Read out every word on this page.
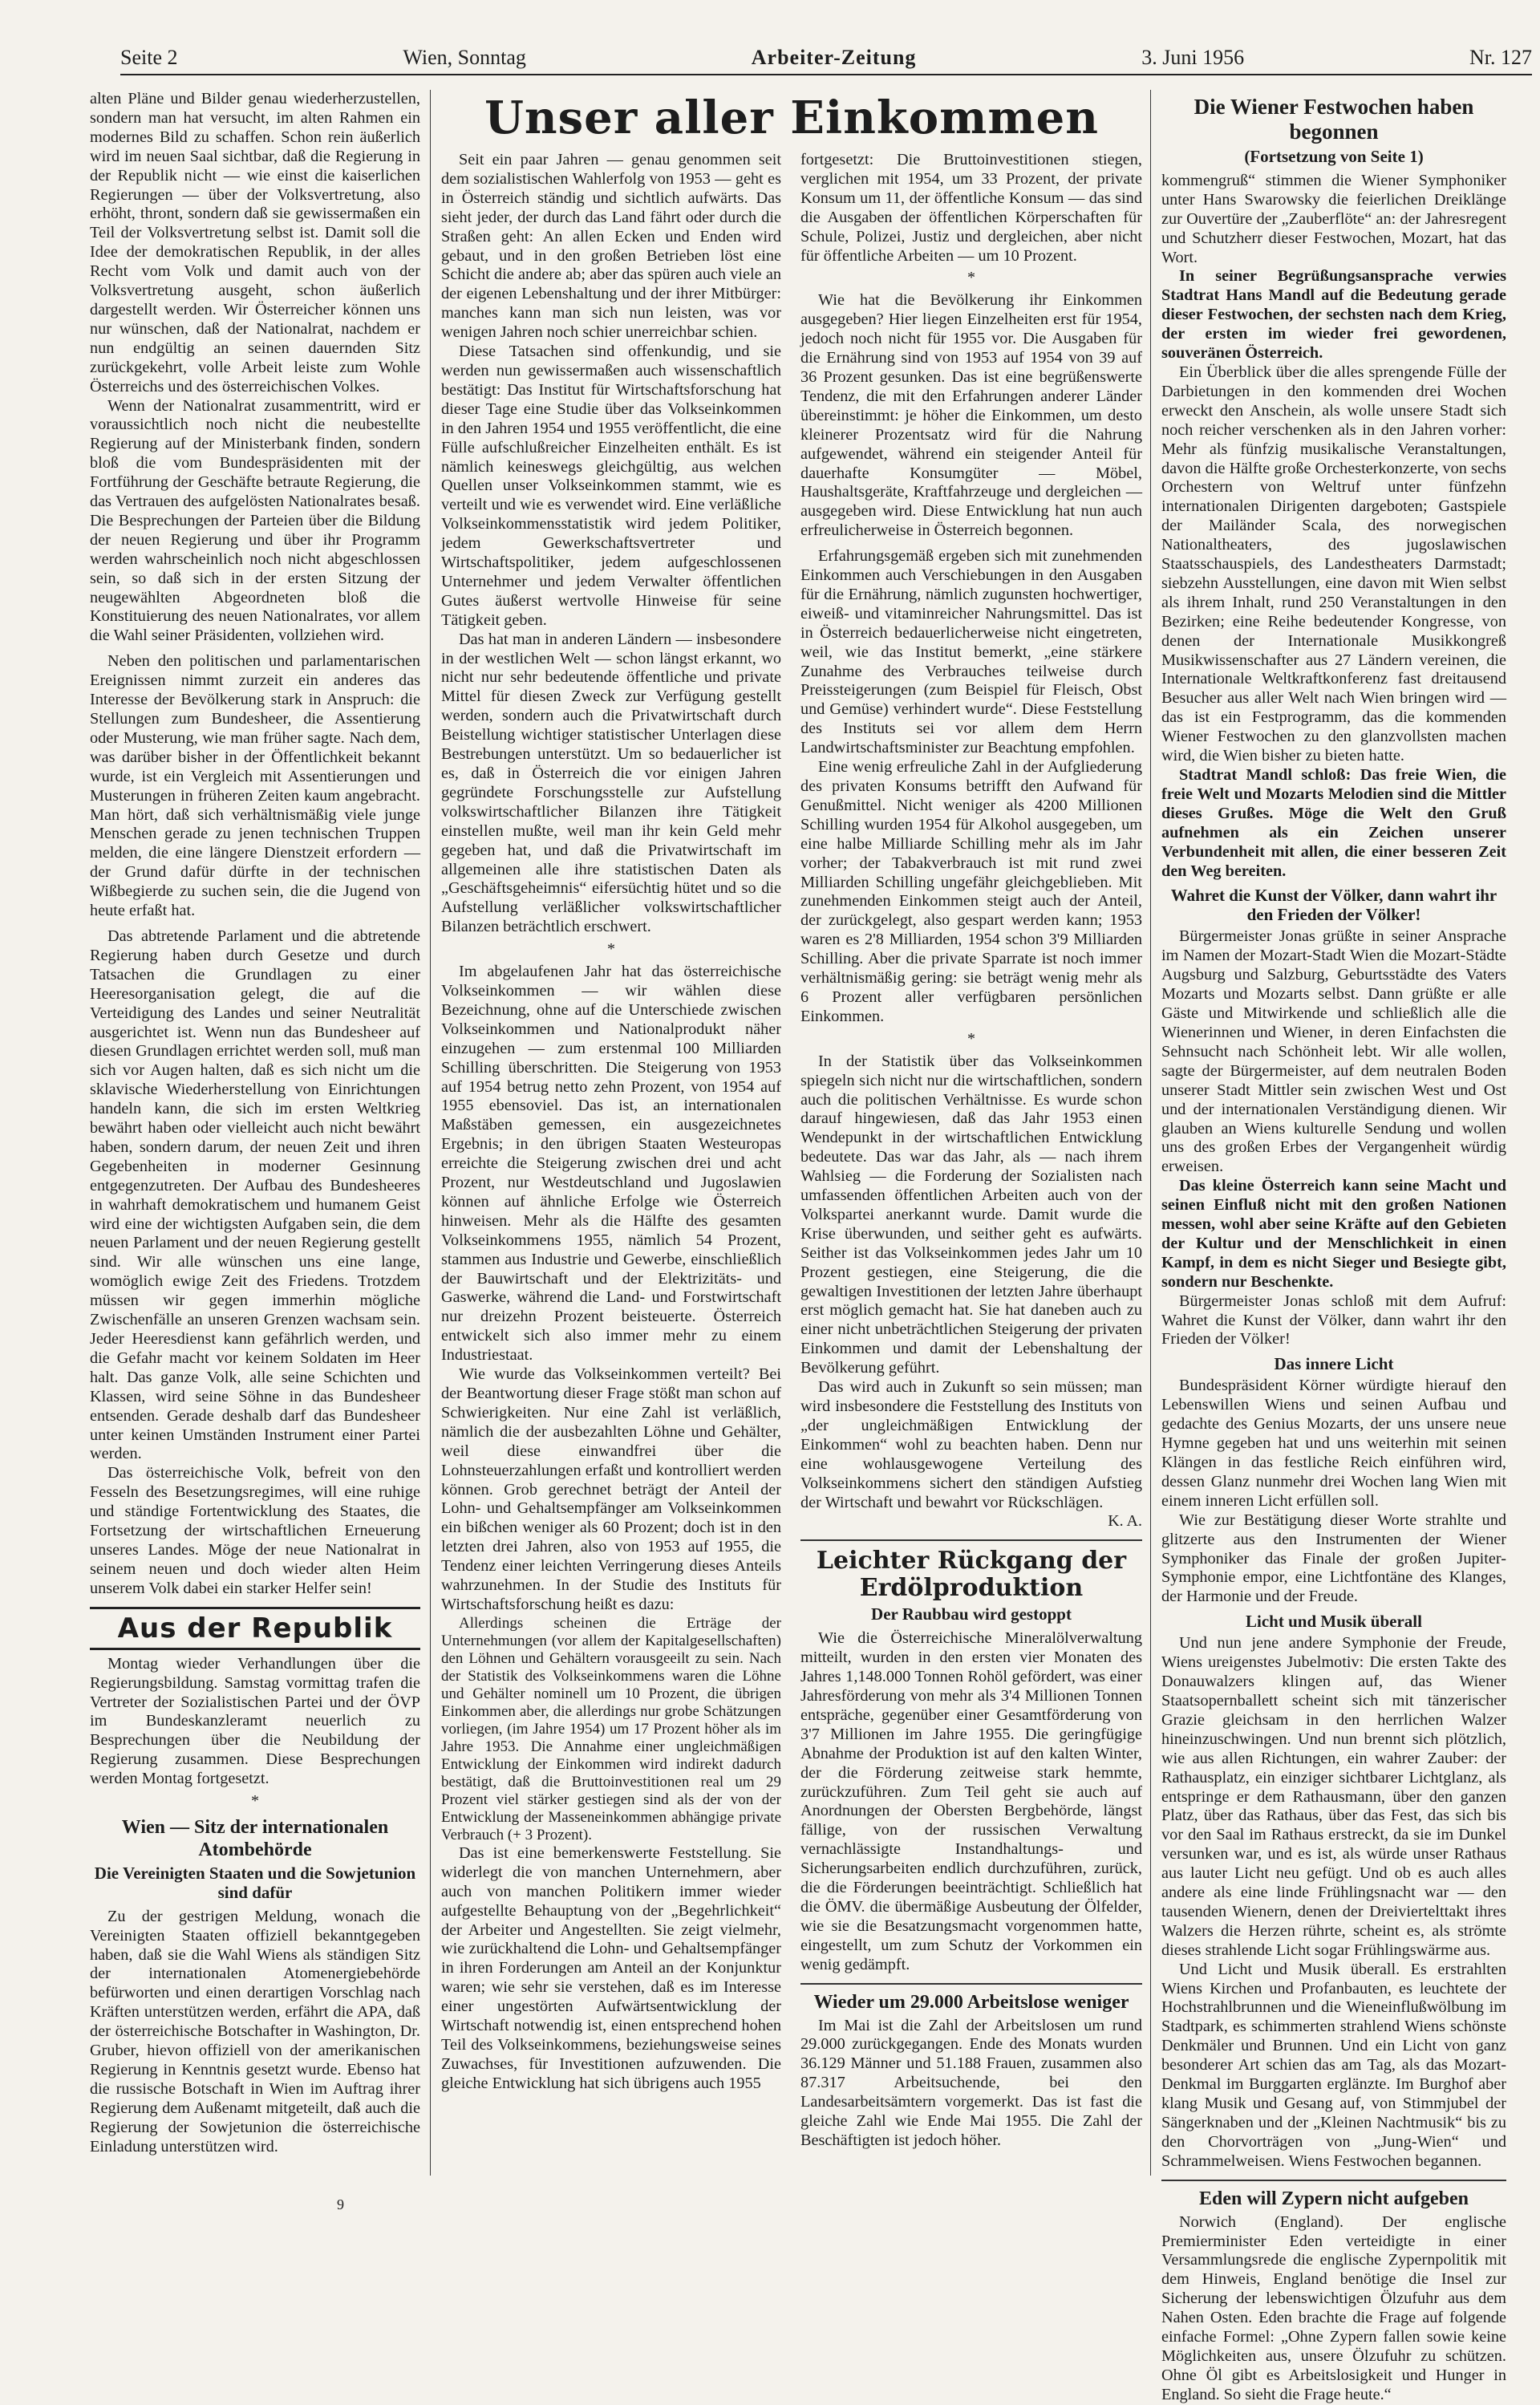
Seite 2	Wien, Sonntag	Arbeiter-Zeitung	3. Juni 1956	Nr. 127

alten Pläne und Bilder genau wiederherzustellen, sondern man hat versucht, im alten Rahmen ein modernes Bild zu schaffen. Schon rein äußerlich wird im neuen Saal sichtbar, daß die Regierung in der Republik nicht — wie einst die kaiserlichen Regierungen — über der Volksvertretung, also erhöht, thront, sondern daß sie gewissermaßen ein Teil der Volksvertretung selbst ist. Damit soll die Idee der demokratischen Republik, in der alles Recht vom Volk und damit auch von der Volksvertretung ausgeht, schon äußerlich dargestellt werden. Wir Österreicher können uns nur wünschen, daß der Nationalrat, nachdem er nun endgültig an seinen dauernden Sitz zurückgekehrt, volle Arbeit leiste zum Wohle Österreichs und des österreichischen Volkes.

Wenn der Nationalrat zusammentritt, wird er voraussichtlich noch nicht die neubestellte Regierung auf der Ministerbank finden, sondern bloß die vom Bundespräsidenten mit der Fortführung der Geschäfte betraute Regierung, die das Vertrauen des aufgelösten Nationalrates besaß. Die Besprechungen der Parteien über die Bildung der neuen Regierung und über ihr Programm werden wahrscheinlich noch nicht abgeschlossen sein, so daß sich in der ersten Sitzung der neugewählten Abgeordneten bloß die Konstituierung des neuen Nationalrates, vor allem die Wahl seiner Präsidenten, vollziehen wird.

Neben den politischen und parlamentarischen Ereignissen nimmt zurzeit ein anderes das Interesse der Bevölkerung stark in Anspruch: die Stellungen zum Bundesheer, die Assentierung oder Musterung, wie man früher sagte. Nach dem, was darüber bisher in der Öffentlichkeit bekannt wurde, ist ein Vergleich mit Assentierungen und Musterungen in früheren Zeiten kaum angebracht. Man hört, daß sich verhältnismäßig viele junge Menschen gerade zu jenen technischen Truppen melden, die eine längere Dienstzeit erfordern — der Grund dafür dürfte in der technischen Wißbegierde zu suchen sein, die die Jugend von heute erfaßt hat.

Das abtretende Parlament und die abtretende Regierung haben durch Gesetze und durch Tatsachen die Grundlagen zu einer Heeresorganisation gelegt, die auf die Verteidigung des Landes und seiner Neutralität ausgerichtet ist. Wenn nun das Bundesheer auf diesen Grundlagen errichtet werden soll, muß man sich vor Augen halten, daß es sich nicht um die sklavische Wiederherstellung von Einrichtungen handeln kann, die sich im ersten Weltkrieg bewährt haben oder vielleicht auch nicht bewährt haben, sondern darum, der neuen Zeit und ihren Gegebenheiten in moderner Gesinnung entgegenzutreten. Der Aufbau des Bundesheeres in wahrhaft demokratischem und humanem Geist wird eine der wichtigsten Aufgaben sein, die dem neuen Parlament und der neuen Regierung gestellt sind. Wir alle wünschen uns eine lange, womöglich ewige Zeit des Friedens. Trotzdem müssen wir gegen immerhin mögliche Zwischenfälle an unseren Grenzen wachsam sein. Jeder Heeresdienst kann gefährlich werden, und die Gefahr macht vor keinem Soldaten im Heer halt. Das ganze Volk, alle seine Schichten und Klassen, wird seine Söhne in das Bundesheer entsenden. Gerade deshalb darf das Bundesheer unter keinen Umständen Instrument einer Partei werden.

Das österreichische Volk, befreit von den Fesseln des Besetzungsregimes, will eine ruhige und ständige Fortentwicklung des Staates, die Fortsetzung der wirtschaftlichen Erneuerung unseres Landes. Möge der neue Nationalrat in seinem neuen und doch wieder alten Heim unserem Volk dabei ein starker Helfer sein!

Aus der Republik

Montag wieder Verhandlungen über die Regierungsbildung. Samstag vormittag trafen die Vertreter der Sozialistischen Partei und der ÖVP im Bundeskanzleramt neuerlich zu Besprechungen über die Neubildung der Regierung zusammen. Diese Besprechungen werden Montag fortgesetzt.

*
Wien — Sitz der internationalen Atombehörde
Die Vereinigten Staaten und die Sowjetunion sind dafür

Zu der gestrigen Meldung, wonach die Vereinigten Staaten offiziell bekanntgegeben haben, daß sie die Wahl Wiens als ständigen Sitz der internationalen Atomenergiebehörde befürworten und einen derartigen Vorschlag nach Kräften unterstützen werden, erfährt die APA, daß der österreichische Botschafter in Washington, Dr. Gruber, hievon offiziell von der amerikanischen Regierung in Kenntnis gesetzt wurde. Ebenso hat die russische Botschaft in Wien im Auftrag ihrer Regierung dem Außenamt mitgeteilt, daß auch die Regierung der Sowjetunion die österreichische Einladung unterstützen wird.

Unser aller Einkommen

Seit ein paar Jahren — genau genommen seit dem sozialistischen Wahlerfolg von 1953 — geht es in Österreich ständig und sichtlich aufwärts. Das sieht jeder, der durch das Land fährt oder durch die Straßen geht: An allen Ecken und Enden wird gebaut, und in den großen Betrieben löst eine Schicht die andere ab; aber das spüren auch viele an der eigenen Lebenshaltung und der ihrer Mitbürger: manches kann man sich nun leisten, was vor wenigen Jahren noch schier unerreichbar schien.

Diese Tatsachen sind offenkundig, und sie werden nun gewissermaßen auch wissenschaftlich bestätigt: Das Institut für Wirtschaftsforschung hat dieser Tage eine Studie über das Volkseinkommen in den Jahren 1954 und 1955 veröffentlicht, die eine Fülle aufschlußreicher Einzelheiten enthält. Es ist nämlich keineswegs gleichgültig, aus welchen Quellen unser Volkseinkommen stammt, wie es verteilt und wie es verwendet wird. Eine verläßliche Volkseinkommensstatistik wird jedem Politiker, jedem Gewerkschaftsvertreter und Wirtschaftspolitiker, jedem aufgeschlossenen Unternehmer und jedem Verwalter öffentlichen Gutes äußerst wertvolle Hinweise für seine Tätigkeit geben.

Das hat man in anderen Ländern — insbesondere in der westlichen Welt — schon längst erkannt, wo nicht nur sehr bedeutende öffentliche und private Mittel für diesen Zweck zur Verfügung gestellt werden, sondern auch die Privatwirtschaft durch Beistellung wichtiger statistischer Unterlagen diese Bestrebungen unterstützt. Um so bedauerlicher ist es, daß in Österreich die vor einigen Jahren gegründete Forschungsstelle zur Aufstellung volkswirtschaftlicher Bilanzen ihre Tätigkeit einstellen mußte, weil man ihr kein Geld mehr gegeben hat, und daß die Privatwirtschaft im allgemeinen alle ihre statistischen Daten als „Geschäftsgeheimnis“ eifersüchtig hütet und so die Aufstellung verläßlicher volkswirtschaftlicher Bilanzen beträchtlich erschwert.

*

Im abgelaufenen Jahr hat das österreichische Volkseinkommen — wir wählen diese Bezeichnung, ohne auf die Unterschiede zwischen Volkseinkommen und Nationalprodukt näher einzugehen — zum erstenmal 100 Milliarden Schilling überschritten. Die Steigerung von 1953 auf 1954 betrug netto zehn Prozent, von 1954 auf 1955 ebensoviel. Das ist, an internationalen Maßstäben gemessen, ein ausgezeichnetes Ergebnis; in den übrigen Staaten Westeuropas erreichte die Steigerung zwischen drei und acht Prozent, nur Westdeutschland und Jugoslawien können auf ähnliche Erfolge wie Österreich hinweisen. Mehr als die Hälfte des gesamten Volkseinkommens 1955, nämlich 54 Prozent, stammen aus Industrie und Gewerbe, einschließlich der Bauwirtschaft und der Elektrizitäts- und Gaswerke, während die Land- und Forstwirtschaft nur dreizehn Prozent beisteuerte. Österreich entwickelt sich also immer mehr zu einem Industriestaat.

Wie wurde das Volkseinkommen verteilt? Bei der Beantwortung dieser Frage stößt man schon auf Schwierigkeiten. Nur eine Zahl ist verläßlich, nämlich die der ausbezahlten Löhne und Gehälter, weil diese einwandfrei über die Lohnsteuerzahlungen erfaßt und kontrolliert werden können. Grob gerechnet beträgt der Anteil der Lohn- und Gehaltsempfänger am Volkseinkommen ein bißchen weniger als 60 Prozent; doch ist in den letzten drei Jahren, also von 1953 auf 1955, die Tendenz einer leichten Verringerung dieses Anteils wahrzunehmen. In der Studie des Instituts für Wirtschaftsforschung heißt es dazu:

Allerdings scheinen die Erträge der Unternehmungen (vor allem der Kapitalgesellschaften) den Löhnen und Gehältern vorausgeeilt zu sein. Nach der Statistik des Volkseinkommens waren die Löhne und Gehälter nominell um 10 Prozent, die übrigen Einkommen aber, die allerdings nur grobe Schätzungen vorliegen, (im Jahre 1954) um 17 Prozent höher als im Jahre 1953. Die Annahme einer ungleichmäßigen Entwicklung der Einkommen wird indirekt dadurch bestätigt, daß die Bruttoinvestitionen real um 29 Prozent viel stärker gestiegen sind als der von der Entwicklung der Masseneinkommen abhängige private Verbrauch (+ 3 Prozent).

Das ist eine bemerkenswerte Feststellung. Sie widerlegt die von manchen Unternehmern, aber auch von manchen Politikern immer wieder aufgestellte Behauptung von der „Begehrlichkeit“ der Arbeiter und Angestellten. Sie zeigt vielmehr, wie zurückhaltend die Lohn- und Gehaltsempfänger in ihren Forderungen am Anteil an der Konjunktur waren; wie sehr sie verstehen, daß es im Interesse einer ungestörten Aufwärtsentwicklung der Wirtschaft notwendig ist, einen entsprechend hohen Teil des Volkseinkommens, beziehungsweise seines Zuwachses, für Investitionen aufzuwenden. Die gleiche Entwicklung hat sich übrigens auch 1955

fortgesetzt: Die Bruttoinvestitionen stiegen, verglichen mit 1954, um 33 Prozent, der private Konsum um 11, der öffentliche Konsum — das sind die Ausgaben der öffentlichen Körperschaften für Schule, Polizei, Justiz und dergleichen, aber nicht für öffentliche Arbeiten — um 10 Prozent.

*

Wie hat die Bevölkerung ihr Einkommen ausgegeben? Hier liegen Einzelheiten erst für 1954, jedoch noch nicht für 1955 vor. Die Ausgaben für die Ernährung sind von 1953 auf 1954 von 39 auf 36 Prozent gesunken. Das ist eine begrüßenswerte Tendenz, die mit den Erfahrungen anderer Länder übereinstimmt: je höher die Einkommen, um desto kleinerer Prozentsatz wird für die Nahrung aufgewendet, während ein steigender Anteil für dauerhafte Konsumgüter — Möbel, Haushaltsgeräte, Kraftfahrzeuge und dergleichen — ausgegeben wird. Diese Entwicklung hat nun auch erfreulicherweise in Österreich begonnen.

Erfahrungsgemäß ergeben sich mit zunehmenden Einkommen auch Verschiebungen in den Ausgaben für die Ernährung, nämlich zugunsten hochwertiger, eiweiß- und vitaminreicher Nahrungsmittel. Das ist in Österreich bedauerlicherweise nicht eingetreten, weil, wie das Institut bemerkt, „eine stärkere Zunahme des Verbrauches teilweise durch Preissteigerungen (zum Beispiel für Fleisch, Obst und Gemüse) verhindert wurde“. Diese Feststellung des Instituts sei vor allem dem Herrn Landwirtschaftsminister zur Beachtung empfohlen.

Eine wenig erfreuliche Zahl in der Aufgliederung des privaten Konsums betrifft den Aufwand für Genußmittel. Nicht weniger als 4200 Millionen Schilling wurden 1954 für Alkohol ausgegeben, um eine halbe Milliarde Schilling mehr als im Jahr vorher; der Tabakverbrauch ist mit rund zwei Milliarden Schilling ungefähr gleichgeblieben. Mit zunehmenden Einkommen steigt auch der Anteil, der zurückgelegt, also gespart werden kann; 1953 waren es 2'8 Milliarden, 1954 schon 3'9 Milliarden Schilling. Aber die private Sparrate ist noch immer verhältnismäßig gering: sie beträgt wenig mehr als 6 Prozent aller verfügbaren persönlichen Einkommen.

*

In der Statistik über das Volkseinkommen spiegeln sich nicht nur die wirtschaftlichen, sondern auch die politischen Verhältnisse. Es wurde schon darauf hingewiesen, daß das Jahr 1953 einen Wendepunkt in der wirtschaftlichen Entwicklung bedeutete. Das war das Jahr, als — nach ihrem Wahlsieg — die Forderung der Sozialisten nach umfassenden öffentlichen Arbeiten auch von der Volkspartei anerkannt wurde. Damit wurde die Krise überwunden, und seither geht es aufwärts. Seither ist das Volkseinkommen jedes Jahr um 10 Prozent gestiegen, eine Steigerung, die die gewaltigen Investitionen der letzten Jahre überhaupt erst möglich gemacht hat. Sie hat daneben auch zu einer nicht unbeträchtlichen Steigerung der privaten Einkommen und damit der Lebenshaltung der Bevölkerung geführt.

Das wird auch in Zukunft so sein müssen; man wird insbesondere die Feststellung des Instituts von „der ungleichmäßigen Entwicklung der Einkommen“ wohl zu beachten haben. Denn nur eine wohlausgewogene Verteilung des Volkseinkommens sichert den ständigen Aufstieg der Wirtschaft und bewahrt vor Rückschlägen.

K. A.
Leichter Rückgang der Erdölproduktion
Der Raubbau wird gestoppt

Wie die Österreichische Mineralölverwaltung mitteilt, wurden in den ersten vier Monaten des Jahres 1,148.000 Tonnen Rohöl gefördert, was einer Jahresförderung von mehr als 3'4 Millionen Tonnen entspräche, gegenüber einer Gesamtförderung von 3'7 Millionen im Jahre 1955. Die geringfügige Abnahme der Produktion ist auf den kalten Winter, der die Förderung zeitweise stark hemmte, zurückzuführen. Zum Teil geht sie auch auf Anordnungen der Obersten Bergbehörde, längst fällige, von der russischen Verwaltung vernachlässigte Instandhaltungs- und Sicherungsarbeiten endlich durchzuführen, zurück, die die Förderungen beeinträchtigt. Schließlich hat die ÖMV. die übermäßige Ausbeutung der Ölfelder, wie sie die Besatzungsmacht vorgenommen hatte, eingestellt, um zum Schutz der Vorkommen ein wenig gedämpft.

Wieder um 29.000 Arbeitslose weniger

Im Mai ist die Zahl der Arbeitslosen um rund 29.000 zurückgegangen. Ende des Monats wurden 36.129 Männer und 51.188 Frauen, zusammen also 87.317 Arbeitsuchende, bei den Landesarbeitsämtern vorgemerkt. Das ist fast die gleiche Zahl wie Ende Mai 1955. Die Zahl der Beschäftigten ist jedoch höher.

Die Wiener Festwochen haben begonnen
(Fortsetzung von Seite 1)

kommengruß“ stimmen die Wiener Symphoniker unter Hans Swarowsky die feierlichen Dreiklänge zur Ouvertüre der „Zauberflöte“ an: der Jahresregent und Schutzherr dieser Festwochen, Mozart, hat das Wort.

In seiner Begrüßungsansprache verwies Stadtrat Hans Mandl auf die Bedeutung gerade dieser Festwochen, der sechsten nach dem Krieg, der ersten im wieder frei gewordenen, souveränen Österreich.

Ein Überblick über die alles sprengende Fülle der Darbietungen in den kommenden drei Wochen erweckt den Anschein, als wolle unsere Stadt sich noch reicher verschenken als in den Jahren vorher: Mehr als fünfzig musikalische Veranstaltungen, davon die Hälfte große Orchesterkonzerte, von sechs Orchestern von Weltruf unter fünfzehn internationalen Dirigenten dargeboten; Gastspiele der Mailänder Scala, des norwegischen Nationaltheaters, des jugoslawischen Staatsschauspiels, des Landestheaters Darmstadt; siebzehn Ausstellungen, eine davon mit Wien selbst als ihrem Inhalt, rund 250 Veranstaltungen in den Bezirken; eine Reihe bedeutender Kongresse, von denen der Internationale Musikkongreß Musikwissenschafter aus 27 Ländern vereinen, die Internationale Weltkraftkonferenz fast dreitausend Besucher aus aller Welt nach Wien bringen wird — das ist ein Festprogramm, das die kommenden Wiener Festwochen zu den glanzvollsten machen wird, die Wien bisher zu bieten hatte.

Stadtrat Mandl schloß: Das freie Wien, die freie Welt und Mozarts Melodien sind die Mittler dieses Grußes. Möge die Welt den Gruß aufnehmen als ein Zeichen unserer Verbundenheit mit allen, die einer besseren Zeit den Weg bereiten.

Wahret die Kunst der Völker, dann wahrt ihr den Frieden der Völker!

Bürgermeister Jonas grüßte in seiner Ansprache im Namen der Mozart-Stadt Wien die Mozart-Städte Augsburg und Salzburg, Geburtsstädte des Vaters Mozarts und Mozarts selbst. Dann grüßte er alle Gäste und Mitwirkende und schließlich alle die Wienerinnen und Wiener, in deren Einfachsten die Sehnsucht nach Schönheit lebt. Wir alle wollen, sagte der Bürgermeister, auf dem neutralen Boden unserer Stadt Mittler sein zwischen West und Ost und der internationalen Verständigung dienen. Wir glauben an Wiens kulturelle Sendung und wollen uns des großen Erbes der Vergangenheit würdig erweisen.

Das kleine Österreich kann seine Macht und seinen Einfluß nicht mit den großen Nationen messen, wohl aber seine Kräfte auf den Gebieten der Kultur und der Menschlichkeit in einen Kampf, in dem es nicht Sieger und Besiegte gibt, sondern nur Beschenkte.

Bürgermeister Jonas schloß mit dem Aufruf: Wahret die Kunst der Völker, dann wahrt ihr den Frieden der Völker!

Das innere Licht

Bundespräsident Körner würdigte hierauf den Lebenswillen Wiens und seinen Aufbau und gedachte des Genius Mozarts, der uns unsere neue Hymne gegeben hat und uns weiterhin mit seinen Klängen in das festliche Reich einführen wird, dessen Glanz nunmehr drei Wochen lang Wien mit einem inneren Licht erfüllen soll.

Wie zur Bestätigung dieser Worte strahlte und glitzerte aus den Instrumenten der Wiener Symphoniker das Finale der großen Jupiter-Symphonie empor, eine Lichtfontäne des Klanges, der Harmonie und der Freude.

Licht und Musik überall

Und nun jene andere Symphonie der Freude, Wiens ureigenstes Jubelmotiv: Die ersten Takte des Donauwalzers klingen auf, das Wiener Staatsopernballett scheint sich mit tänzerischer Grazie gleichsam in den herrlichen Walzer hineinzuschwingen. Und nun brennt sich plötzlich, wie aus allen Richtungen, ein wahrer Zauber: der Rathausplatz, ein einziger sichtbarer Lichtglanz, als entspringe er dem Rathausmann, über den ganzen Platz, über das Rathaus, über das Fest, das sich bis vor den Saal im Rathaus erstreckt, da sie im Dunkel versunken war, und es ist, als würde unser Rathaus aus lauter Licht neu gefügt. Und ob es auch alles andere als eine linde Frühlingsnacht war — den tausenden Wienern, denen der Dreiviertelttakt ihres Walzers die Herzen rührte, scheint es, als strömte dieses strahlende Licht sogar Frühlingswärme aus.

Und Licht und Musik überall. Es erstrahlten Wiens Kirchen und Profanbauten, es leuchtete der Hochstrahlbrunnen und die Wieneinflußwölbung im Stadtpark, es schimmerten strahlend Wiens schönste Denkmäler und Brunnen. Und ein Licht von ganz besonderer Art schien das am Tag, als das Mozart-Denkmal im Burggarten erglänzte. Im Burghof aber klang Musik und Gesang auf, von Stimmjubel der Sängerknaben und der „Kleinen Nachtmusik“ bis zu den Chorvorträgen von „Jung-Wien“ und Schrammelweisen. Wiens Festwochen begannen.

Eden will Zypern nicht aufgeben

Norwich (England). Der englische Premierminister Eden verteidigte in einer Versammlungsrede die englische Zypernpolitik mit dem Hinweis, England benötige die Insel zur Sicherung der lebenswichtigen Ölzufuhr aus dem Nahen Osten. Eden brachte die Frage auf folgende einfache Formel: „Ohne Zypern fallen sowie keine Möglichkeiten aus, unsere Ölzufuhr zu schützen. Ohne Öl gibt es Arbeitslosigkeit und Hunger in England. So sieht die Frage heute.“

9
